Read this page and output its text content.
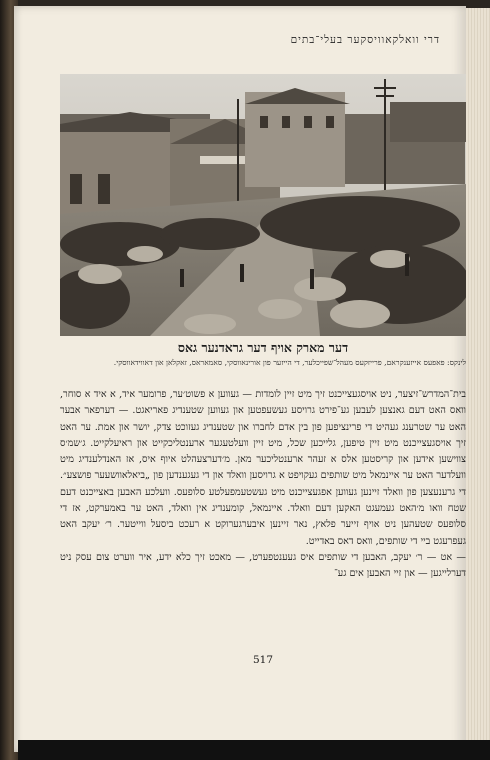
דרי וואלקאוויסקער בעלי־בתים
דער מארק אויף דער גראדנער גאס
לינקס: פאפעס אייזענקראם, פרייזקעס מעהל־שפייכלער, די הייזער פון אורינאווסקי, סאמאראס, זאקלאן און דאווידאווסקי.

בית־המדרש־זיצער, ניט אויסגעצייכנט זיך מיט זיין לומדות — געווען א פשוט׳ער, פרומער איד, א איד א סוחר, וואס האט דעם גאנצען לעבען גע־פירט גרויסע געשעפטען און געווען שטענדיג פאריאגט. — דערפאר אבער האט ער שטרענג געהיט די פרינציפען פון בין אדם לחברו און שטענדיג געזוכט צדק, יושר און אמת. ער האט זיך אויסגעצייכנט מיט זיין טיפען, גלייכען שכל, מיט זיין וועלטעגער ארענטליכקייט און ראיעלקייט. ג׳שמ׳ס צווישען אידען און קריסטען אלס א זעהר ארענטליכער מאן. מ׳דערצעהלט איוף איס, אז האנדלענדיג מיט וועלדער האט ער איינמאל מיט שותפים געקויפט א גרויסען וואלד און די געגענדען פון „ביאלאוושעער פושצע״. די גרענעצען פון וואלד זיינען געווען אפגעצייכנט מיט געשטעמפעלטע סלופעס. וועלכע האבען באצייכנט דעם שטח וואו מ׳האט געמעגט האקען דעם וואלד. איינמאל, קומענדיג אין וואלד, האט ער באמערקט, אז די סלופעס שטעהען ניט אויף זייער פלאץ, נאר זיינען איבערגערוקט א רעכט ביסעל ווייטער. ר׳ יעקב האט געפרעגט ביי די שותפים, וואס דאס באדייט.

— אט — ר׳ יעקב, האבען די שותפים איס געענטפערט, — מאכט זיך כלא ידע, איר ווערט צום עסק ניט דערלייגען — און זיי האבען אים גע־

517
